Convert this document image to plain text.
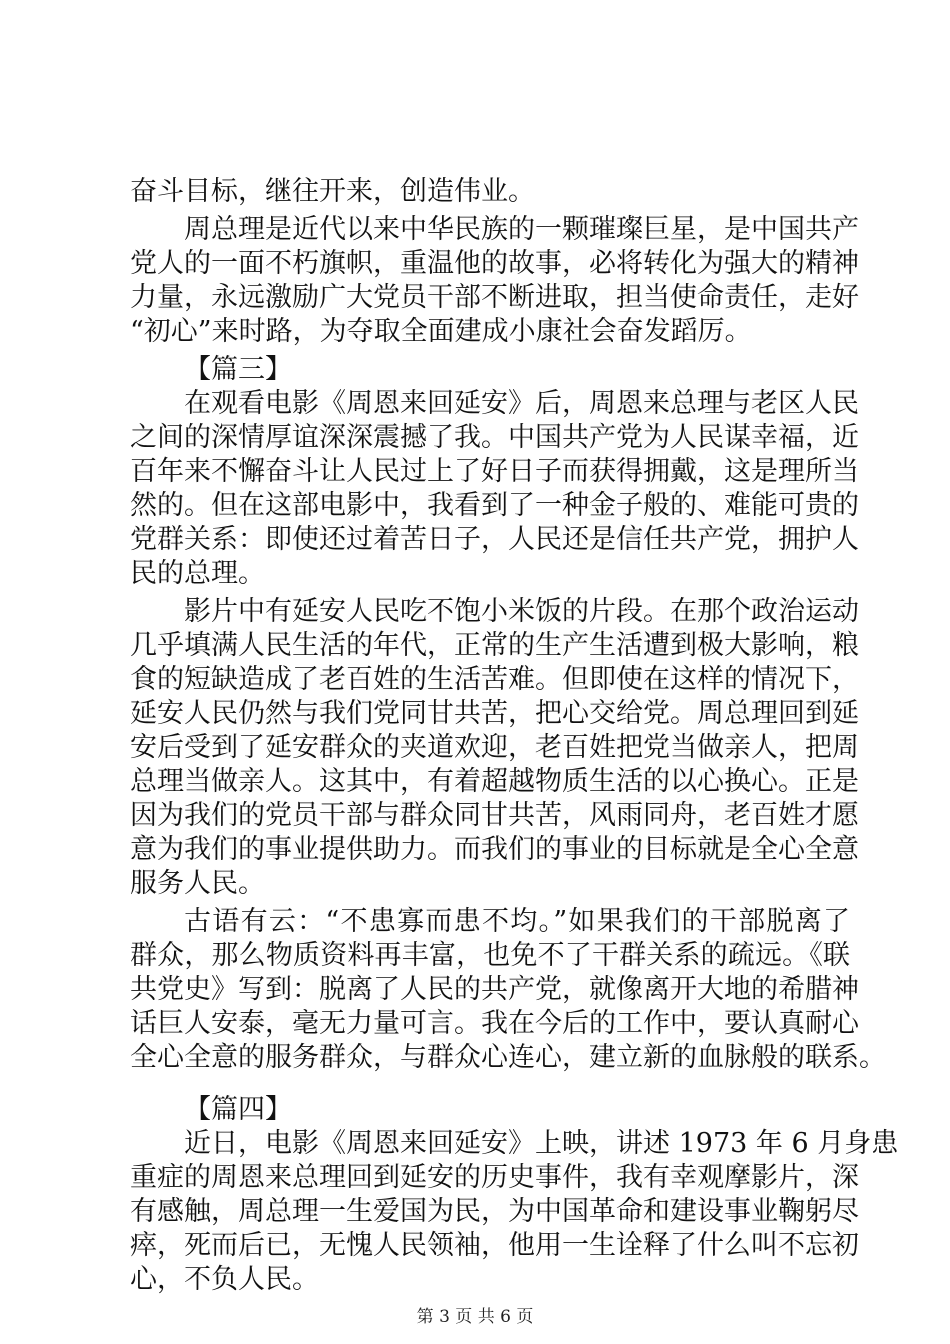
奋斗目标，继往开来，创造伟业。
周总理是近代以来中华民族的一颗璀璨巨星，是中国共产
党人的一面不朽旗帜，重温他的故事，必将转化为强大的精神
力量，永远激励广大党员干部不断进取，担当使命责任，走好
“初心”来时路，为夺取全面建成小康社会奋发蹈厉。
【篇三】
在观看电影《周恩来回延安》后，周恩来总理与老区人民
之间的深情厚谊深深震撼了我。中国共产党为人民谋幸福，近
百年来不懈奋斗让人民过上了好日子而获得拥戴，这是理所当
然的。但在这部电影中，我看到了一种金子般的、难能可贵的
党群关系：即使还过着苦日子，人民还是信任共产党，拥护人
民的总理。
影片中有延安人民吃不饱小米饭的片段。在那个政治运动
几乎填满人民生活的年代，正常的生产生活遭到极大影响，粮
食的短缺造成了老百姓的生活苦难。但即使在这样的情况下，
延安人民仍然与我们党同甘共苦，把心交给党。周总理回到延
安后受到了延安群众的夹道欢迎，老百姓把党当做亲人，把周
总理当做亲人。这其中，有着超越物质生活的以心换心。正是
因为我们的党员干部与群众同甘共苦，风雨同舟，老百姓才愿
意为我们的事业提供助力。而我们的事业的目标就是全心全意
服务人民。
古语有云：“不患寡而患不均。”如果我们的干部脱离了
群众，那么物质资料再丰富，也免不了干群关系的疏远。《联
共党史》写到：脱离了人民的共产党，就像离开大地的希腊神
话巨人安泰，毫无力量可言。我在今后的工作中，要认真耐心
全心全意的服务群众，与群众心连心，建立新的血脉般的联系。
【篇四】
近日，电影《周恩来回延安》上映，讲述 1973 年 6 月身患
重症的周恩来总理回到延安的历史事件，我有幸观摩影片，深
有感触，周总理一生爱国为民，为中国革命和建设事业鞠躬尽
瘁，死而后已，无愧人民领袖，他用一生诠释了什么叫不忘初
心，不负人民。
第 3 页 共 6 页
